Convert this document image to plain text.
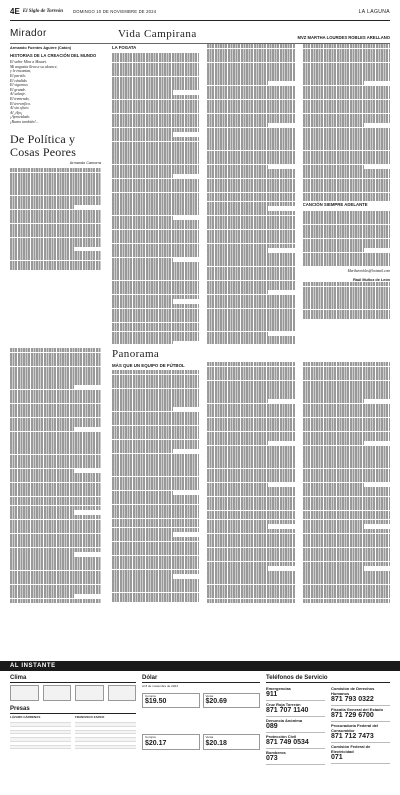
4E El Siglo de Torreón DOMINGO 10 DE NOVIEMBRE DE 2024	LA LAGUNA
Mirador	Vida Campirana	MVZ MARTHA LOURDES ROBLES ARELLANO
Armando Fuentes Aguirre (Catón)
HISTORIAS DE LA CREACIÓN DEL MUNDO
El señor Mira a Mozart.
Mi angustia lleva a su alcance,
y le encantan,
El parvilo.
El cándido.
El vigoroso.
El grande.
Al salvaje.
El tremendo,
El terrorífico.
Al sin oficio.
Al ¡Ajo¡
¡Aprovidado.
¡Bueno también!...
De Política y Cosas Peores
Armando Camorra
LA FOGATA
CANCIÓN SIEMPRE ADELANTE
Marthavrobles@hotmail.com
Raúl Muñoz de León
Panorama
MÁS QUE UN EQUIPO DE FÚTBOL
AL INSTANTE
Clima
Presas
LÁZARO CÁRDENAS	FRANCISCO ZARCO
Dólar
Al 8 de noviembre de 2024
Compra
$19.50
Venta
$20.69
Compra
$20.17
Venta
$20.18
Teléfonos de Servicio
Emergencias
911
Cruz Roja Torreón
871 707 1140
Denuncia Anónima
089
Protección Civil
871 749 0534
Bomberos
073
Comisión de Derechos Humanos
871 793 0322
Fiscalía General del Estado
871 729 6700
Procuraduría Federal del Consumidor
871 712 7473
Comisión Federal de Electricidad
071
